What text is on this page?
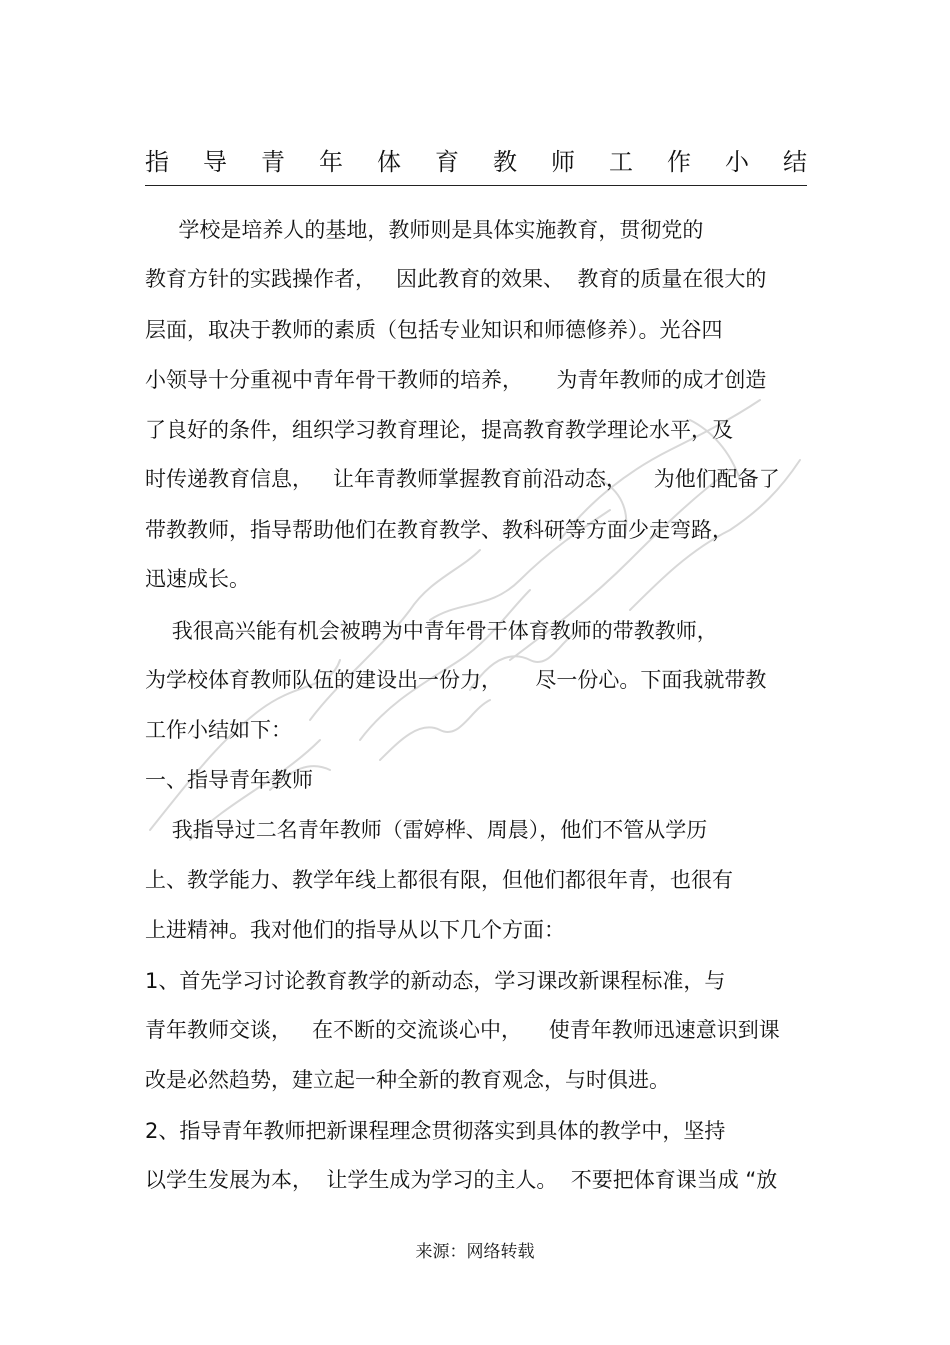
指 导 青 年 体 育 教 师 工 作 小 结
学校是培养人的基地，教师则是具体实施教育，贯彻党的
教育方针的实践操作者，   因此教育的效果、  教育的质量在很大的
层面，取决于教师的素质（包括专业知识和师德修养）。光谷四
小领导十分重视中青年骨干教师的培养，     为青年教师的成才创造
了良好的条件，组织学习教育理论，提高教育教学理论水平，及
时传递教育信息，   让年青教师掌握教育前沿动态，    为他们配备了
带教教师，指导帮助他们在教育教学、教科研等方面少走弯路，
迅速成长。
我很高兴能有机会被聘为中青年骨干体育教师的带教教师，
为学校体育教师队伍的建设出一份力，     尽一份心。下面我就带教
工作小结如下：
一、指导青年教师
我指导过二名青年教师（雷婷桦、周晨），他们不管从学历
上、教学能力、教学年线上都很有限，但他们都很年青，也很有
上进精神。我对他们的指导从以下几个方面：
1、首先学习讨论教育教学的新动态，学习课改新课程标准，与
青年教师交谈，   在不断的交流谈心中，    使青年教师迅速意识到课
改是必然趋势，建立起一种全新的教育观念，与时俱进。
2、指导青年教师把新课程理念贯彻落实到具体的教学中，坚持
以学生发展为本，  让学生成为学习的主人。  不要把体育课当成 “放
来源：网络转载
